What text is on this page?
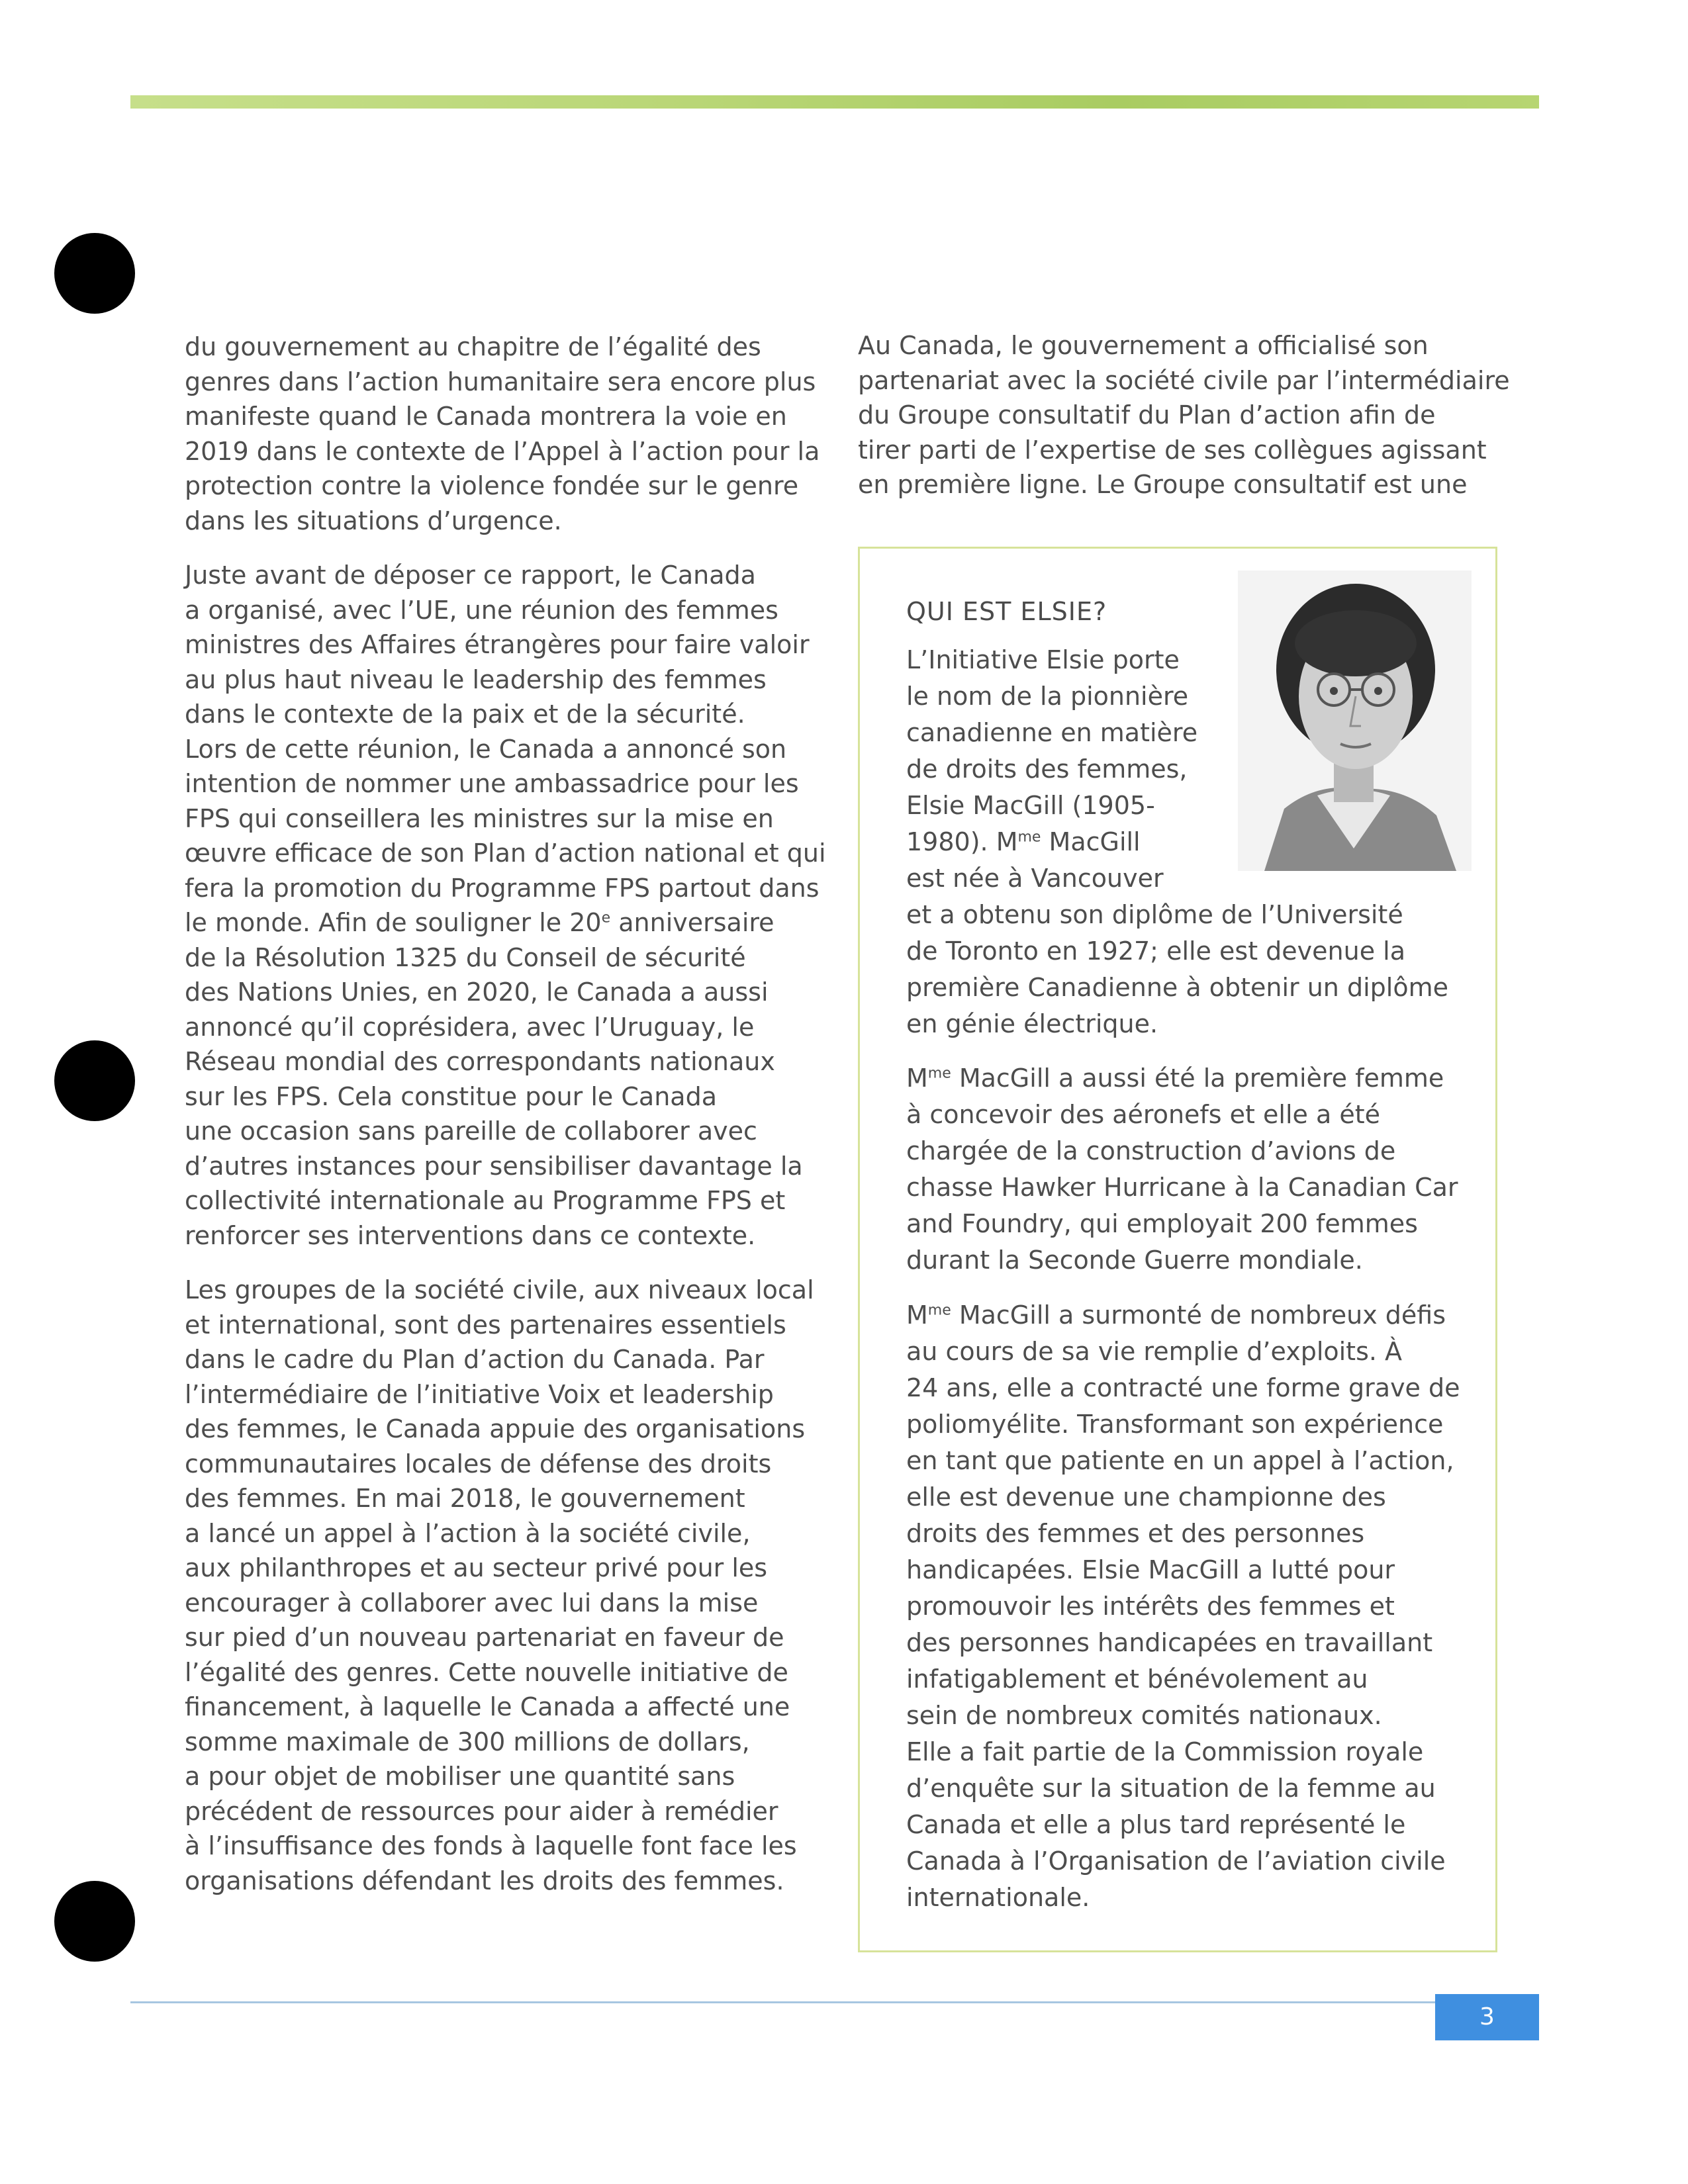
du gouvernement au chapitre de l’égalité des
genres dans l’action humanitaire sera encore plus
manifeste quand le Canada montrera la voie en
2019 dans le contexte de l’Appel à l’action pour la
protection contre la violence fondée sur le genre
dans les situations d’urgence.

Juste avant de déposer ce rapport, le Canada
a organisé, avec l’UE, une réunion des femmes
ministres des Affaires étrangères pour faire valoir
au plus haut niveau le leadership des femmes
dans le contexte de la paix et de la sécurité.
Lors de cette réunion, le Canada a annoncé son
intention de nommer une ambassadrice pour les
FPS qui conseillera les ministres sur la mise en
œuvre efficace de son Plan d’action national et qui
fera la promotion du Programme FPS partout dans
le monde. Afin de souligner le 20e anniversaire
de la Résolution 1325 du Conseil de sécurité
des Nations Unies, en 2020, le Canada a aussi
annoncé qu’il coprésidera, avec l’Uruguay, le
Réseau mondial des correspondants nationaux
sur les FPS. Cela constitue pour le Canada
une occasion sans pareille de collaborer avec
d’autres instances pour sensibiliser davantage la
collectivité internationale au Programme FPS et
renforcer ses interventions dans ce contexte.

Les groupes de la société civile, aux niveaux local
et international, sont des partenaires essentiels
dans le cadre du Plan d’action du Canada. Par
l’intermédiaire de l’initiative Voix et leadership
des femmes, le Canada appuie des organisations
communautaires locales de défense des droits
des femmes. En mai 2018, le gouvernement
a lancé un appel à l’action à la société civile,
aux philanthropes et au secteur privé pour les
encourager à collaborer avec lui dans la mise
sur pied d’un nouveau partenariat en faveur de
l’égalité des genres. Cette nouvelle initiative de
financement, à laquelle le Canada a affecté une
somme maximale de 300 millions de dollars,
a pour objet de mobiliser une quantité sans
précédent de ressources pour aider à remédier
à l’insuffisance des fonds à laquelle font face les
organisations défendant les droits des femmes.

Au Canada, le gouvernement a officialisé son
partenariat avec la société civile par l’intermédiaire
du Groupe consultatif du Plan d’action afin de
tirer parti de l’expertise de ses collègues agissant
en première ligne. Le Groupe consultatif est une

QUI EST ELSIE?
L’Initiative Elsie porte
le nom de la pionnière
canadienne en matière
de droits des femmes,
Elsie MacGill (1905-
1980). $M^{me}$ MacGill
est née à Vancouver
et a obtenu son diplôme de l’Université
de Toronto en 1927; elle est devenue la
première Canadienne à obtenir un diplôme
en génie électrique.
$M^{me}$ MacGill a aussi été la première femme
à concevoir des aéronefs et elle a été
chargée de la construction d’avions de
chasse Hawker Hurricane à la Canadian Car
and Foundry, qui employait 200 femmes
durant la Seconde Guerre mondiale.
$M^{me}$ MacGill a surmonté de nombreux défis
au cours de sa vie remplie d’exploits. À
24 ans, elle a contracté une forme grave de
poliomyélite. Transformant son expérience
en tant que patiente en un appel à l’action,
elle est devenue une championne des
droits des femmes et des personnes
handicapées. Elsie MacGill a lutté pour
promouvoir les intérêts des femmes et
des personnes handicapées en travaillant
infatigablement et bénévolement au
sein de nombreux comités nationaux.
Elle a fait partie de la Commission royale
d’enquête sur la situation de la femme au
Canada et elle a plus tard représenté le
Canada à l’Organisation de l’aviation civile
internationale.
3
